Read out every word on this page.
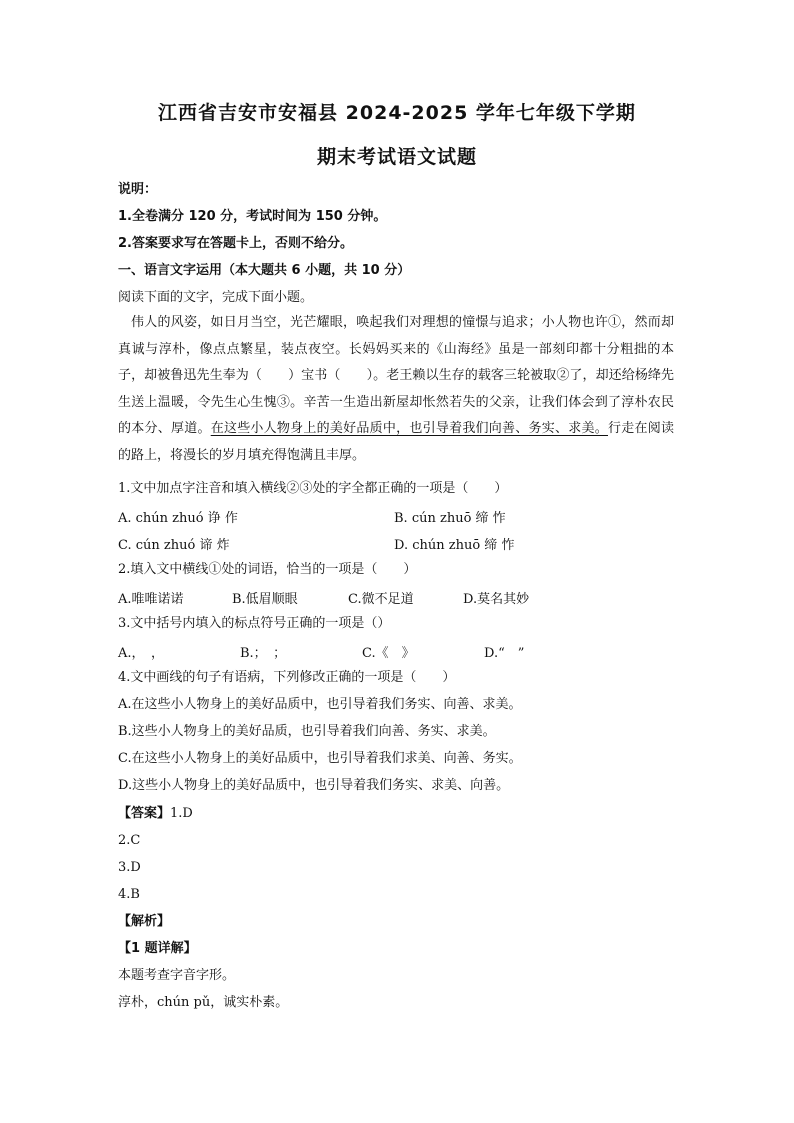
江西省吉安市安福县 2024-2025 学年七年级下学期
期末考试语文试题
说明：
1.全卷满分 120 分，考试时间为 150 分钟。
2.答案要求写在答题卡上，否则不给分。
一、语言文字运用（本大题共 6 小题，共 10 分）
阅读下面的文字，完成下面小题。
伟人的风姿，如日月当空，光芒耀眼，唤起我们对理想的憧憬与追求；小人物也许①，然而却真诚与淳朴，像点点繁星，装点夜空。长妈妈买来的《山海经》虽是一部刻印都十分粗拙的本子，却被鲁迅先生奉为（　　）宝书（　　）。老王赖以生存的载客三轮被取②了，却还给杨绛先生送上温暖，令先生心生愧③。辛苦一生造出新屋却怅然若失的父亲，让我们体会到了淳朴农民的本分、厚道。在这些小人物身上的美好品质中，也引导着我们向善、务实、求美。行走在阅读的路上，将漫长的岁月填充得饱满且丰厚。
1.文中加点字注音和填入横线②③处的字全都正确的一项是（　　）
A. chún zhuó 诤 作	B. cún zhuō 缔 怍
C. cún zhuó 谛 炸	D. chún zhuō 缔 怍
2.填入文中横线①处的词语，恰当的一项是（　　）
A.唯唯诺诺	B.低眉顺眼	C.微不足道	D.莫名其妙
3.文中括号内填入的标点符号正确的一项是（）
A.，　，	B.；　；	C.《　》	D.“　”
4.文中画线的句子有语病，下列修改正确的一项是（　　）
A.在这些小人物身上的美好品质中，也引导着我们务实、向善、求美。
B.这些小人物身上的美好品质，也引导着我们向善、务实、求美。
C.在这些小人物身上的美好品质中，也引导着我们求美、向善、务实。
D.这些小人物身上的美好品质中，也引导着我们务实、求美、向善。
【答案】1.D
2.C
3.D
4.B
【解析】
【1 题详解】
本题考查字音字形。
淳朴，chún pǔ，诚实朴素。
